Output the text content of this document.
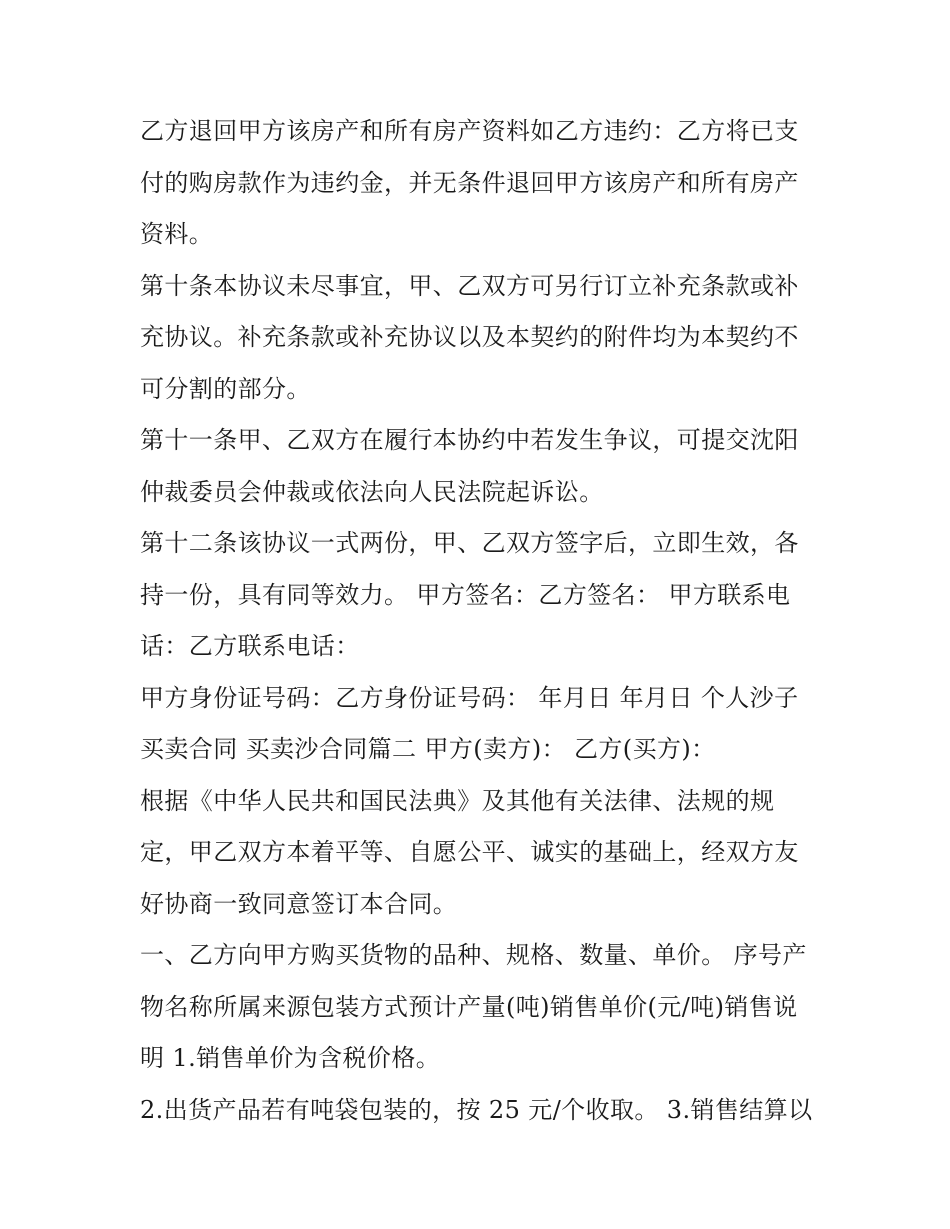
乙方退回甲方该房产和所有房产资料如乙方违约：乙方将已支付的购房款作为违约金，并无条件退回甲方该房产和所有房产资料。

第十条本协议未尽事宜，甲、乙双方可另行订立补充条款或补充协议。补充条款或补充协议以及本契约的附件均为本契约不可分割的部分。

第十一条甲、乙双方在履行本协约中若发生争议，可提交沈阳仲裁委员会仲裁或依法向人民法院起诉讼。

第十二条该协议一式两份，甲、乙双方签字后，立即生效，各持一份，具有同等效力。 甲方签名：乙方签名： 甲方联系电话：乙方联系电话：

甲方身份证号码：乙方身份证号码： 年月日 年月日 个人沙子买卖合同 买卖沙合同篇二 甲方(卖方)： 乙方(买方)：

根据《中华人民共和国民法典》及其他有关法律、法规的规定，甲乙双方本着平等、自愿公平、诚实的基础上，经双方友好协商一致同意签订本合同。

一、乙方向甲方购买货物的品种、规格、数量、单价。 序号产物名称所属来源包装方式预计产量(吨)销售单价(元/吨)销售说明 1.销售单价为含税价格。

2.出货产品若有吨袋包装的，按 25 元/个收取。 3.销售结算以
